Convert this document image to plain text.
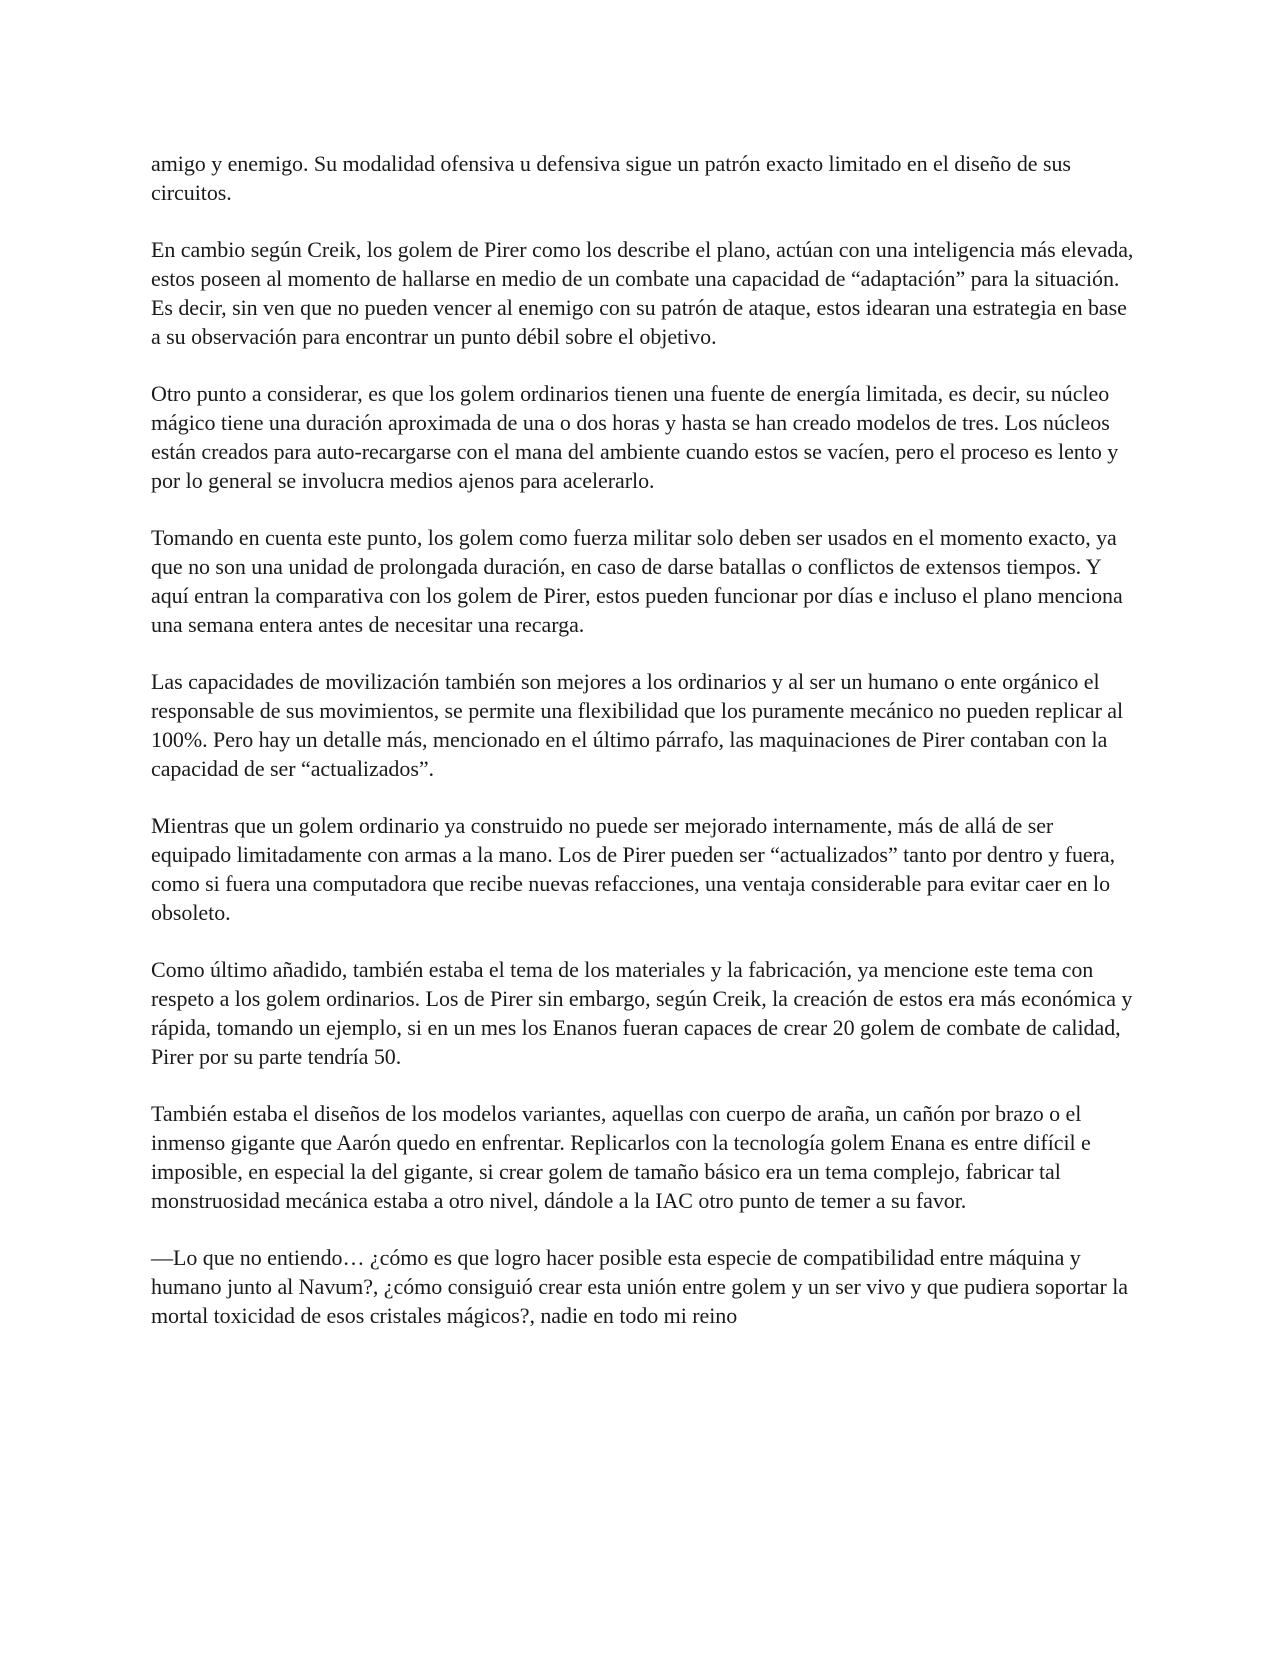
amigo y enemigo. Su modalidad ofensiva u defensiva sigue un patrón exacto limitado en el diseño de sus circuitos.

En cambio según Creik, los golem de Pirer como los describe el plano, actúan con una inteligencia más elevada, estos poseen al momento de hallarse en medio de un combate una capacidad de “adaptación” para la situación. Es decir, sin ven que no pueden vencer al enemigo con su patrón de ataque, estos idearan una estrategia en base a su observación para encontrar un punto débil sobre el objetivo.

Otro punto a considerar, es que los golem ordinarios tienen una fuente de energía limitada, es decir, su núcleo mágico tiene una duración aproximada de una o dos horas y hasta se han creado modelos de tres. Los núcleos están creados para auto-recargarse con el mana del ambiente cuando estos se vacíen, pero el proceso es lento y por lo general se involucra medios ajenos para acelerarlo.

Tomando en cuenta este punto, los golem como fuerza militar solo deben ser usados en el momento exacto, ya que no son una unidad de prolongada duración, en caso de darse batallas o conflictos de extensos tiempos. Y aquí entran la comparativa con los golem de Pirer, estos pueden funcionar por días e incluso el plano menciona una semana entera antes de necesitar una recarga.

Las capacidades de movilización también son mejores a los ordinarios y al ser un humano o ente orgánico el responsable de sus movimientos, se permite una flexibilidad que los puramente mecánico no pueden replicar al 100%. Pero hay un detalle más, mencionado en el último párrafo, las maquinaciones de Pirer contaban con la capacidad de ser “actualizados”.

Mientras que un golem ordinario ya construido no puede ser mejorado internamente, más de allá de ser equipado limitadamente con armas a la mano. Los de Pirer pueden ser “actualizados” tanto por dentro y fuera, como si fuera una computadora que recibe nuevas refacciones, una ventaja considerable para evitar caer en lo obsoleto.

Como último añadido, también estaba el tema de los materiales y la fabricación, ya mencione este tema con respeto a los golem ordinarios. Los de Pirer sin embargo, según Creik, la creación de estos era más económica y rápida, tomando un ejemplo, si en un mes los Enanos fueran capaces de crear 20 golem de combate de calidad, Pirer por su parte tendría 50.

También estaba el diseños de los modelos variantes, aquellas con cuerpo de araña, un cañón por brazo o el inmenso gigante que Aarón quedo en enfrentar. Replicarlos con la tecnología golem Enana es entre difícil e imposible, en especial la del gigante, si crear golem de tamaño básico era un tema complejo, fabricar tal monstruosidad mecánica estaba a otro nivel, dándole a la IAC otro punto de temer a su favor.

—Lo que no entiendo… ¿cómo es que logro hacer posible esta especie de compatibilidad entre máquina y humano junto al Navum?, ¿cómo consiguió crear esta unión entre golem y un ser vivo y que pudiera soportar la mortal toxicidad de esos cristales mágicos?, nadie en todo mi reino
